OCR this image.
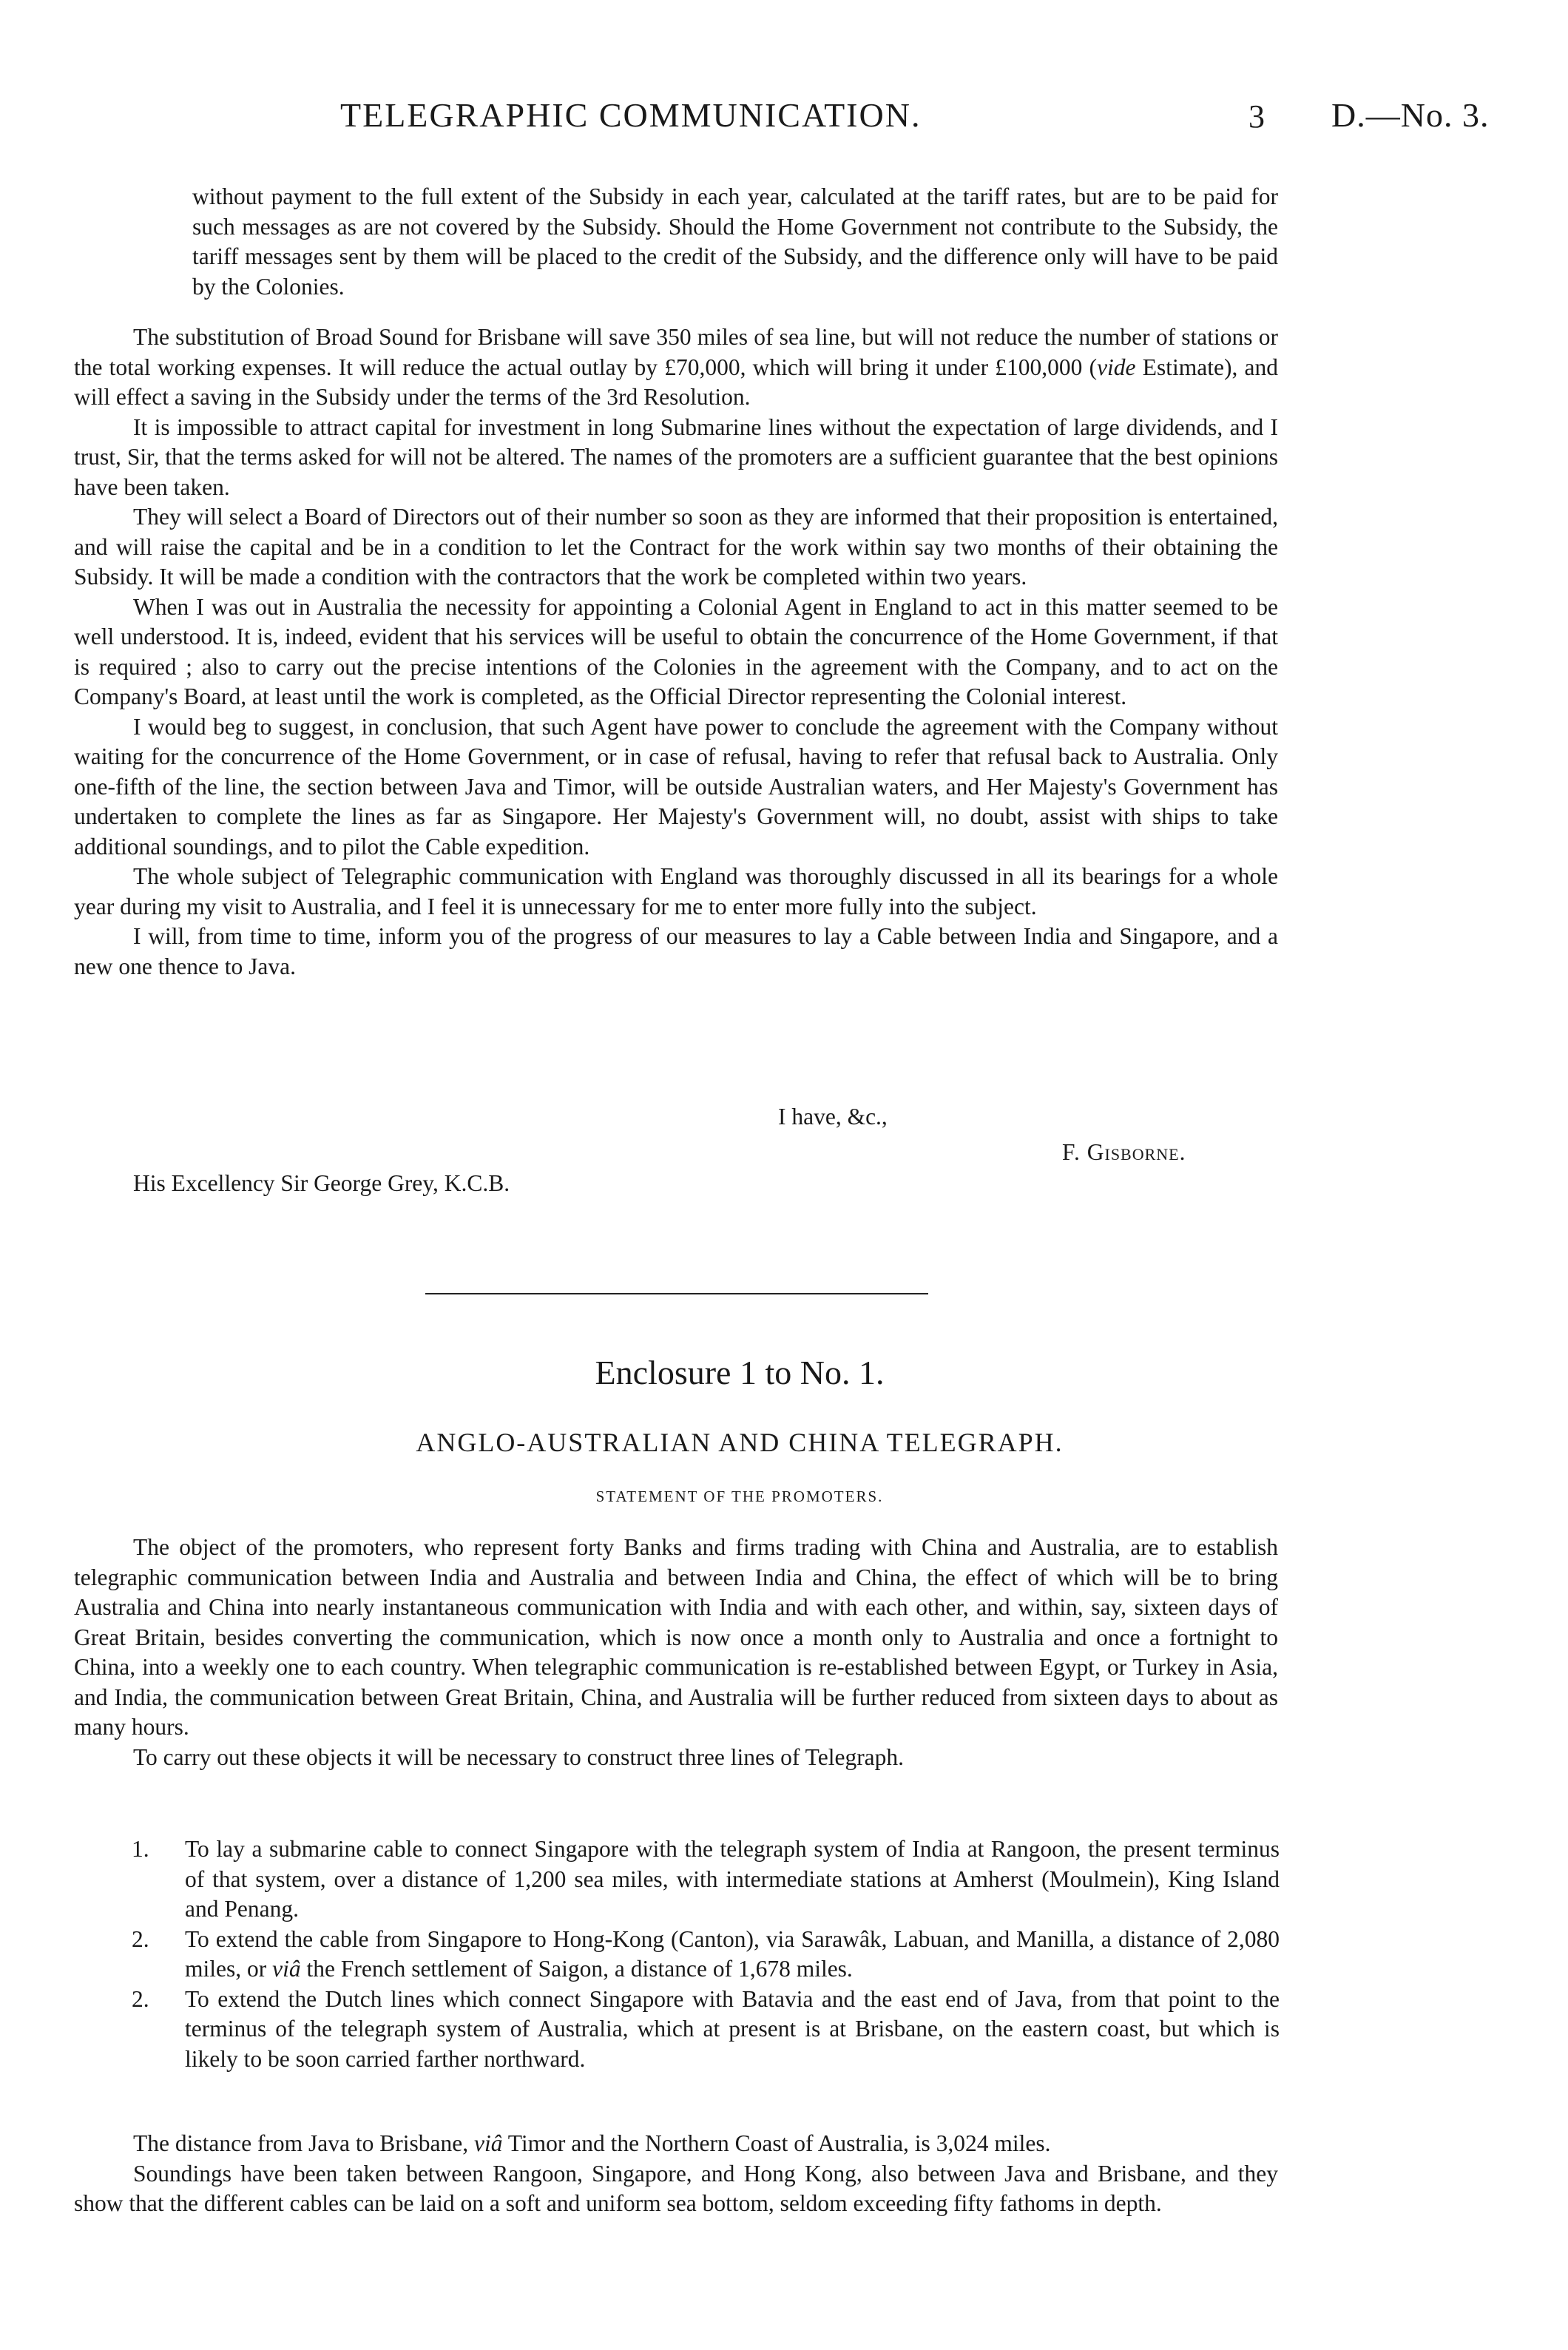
TELEGRAPHIC COMMUNICATION.	3 D.—No. 3.

without payment to the full extent of the Subsidy in each year, calculated at the tariff rates, but are to be paid for such messages as are not covered by the Subsidy. Should the Home Government not contribute to the Subsidy, the tariff messages sent by them will be placed to the credit of the Subsidy, and the difference only will have to be paid by the Colonies.

The substitution of Broad Sound for Brisbane will save 350 miles of sea line, but will not reduce the number of stations or the total working expenses. It will reduce the actual outlay by £70,000, which will bring it under £100,000 (vide Estimate), and will effect a saving in the Subsidy under the terms of the 3rd Resolution.

It is impossible to attract capital for investment in long Submarine lines without the expectation of large dividends, and I trust, Sir, that the terms asked for will not be altered. The names of the promoters are a sufficient guarantee that the best opinions have been taken.

They will select a Board of Directors out of their number so soon as they are informed that their proposition is entertained, and will raise the capital and be in a condition to let the Contract for the work within say two months of their obtaining the Subsidy. It will be made a condition with the contractors that the work be completed within two years.

When I was out in Australia the necessity for appointing a Colonial Agent in England to act in this matter seemed to be well understood. It is, indeed, evident that his services will be useful to obtain the concurrence of the Home Government, if that is required ; also to carry out the precise intentions of the Colonies in the agreement with the Company, and to act on the Company's Board, at least until the work is completed, as the Official Director representing the Colonial interest.

I would beg to suggest, in conclusion, that such Agent have power to conclude the agreement with the Company without waiting for the concurrence of the Home Government, or in case of refusal, having to refer that refusal back to Australia. Only one-fifth of the line, the section between Java and Timor, will be outside Australian waters, and Her Majesty's Government has undertaken to complete the lines as far as Singapore. Her Majesty's Government will, no doubt, assist with ships to take additional soundings, and to pilot the Cable expedition.

The whole subject of Telegraphic communication with England was thoroughly discussed in all its bearings for a whole year during my visit to Australia, and I feel it is unnecessary for me to enter more fully into the subject.

I will, from time to time, inform you of the progress of our measures to lay a Cable between India and Singapore, and a new one thence to Java.

I have, &c.,
F. Gisborne.
His Excellency Sir George Grey, K.C.B.
Enclosure 1 to No. 1.
ANGLO-AUSTRALIAN AND CHINA TELEGRAPH.
STATEMENT OF THE PROMOTERS.

The object of the promoters, who represent forty Banks and firms trading with China and Australia, are to establish telegraphic communication between India and Australia and between India and China, the effect of which will be to bring Australia and China into nearly instantaneous communication with India and with each other, and within, say, sixteen days of Great Britain, besides converting the communication, which is now once a month only to Australia and once a fortnight to China, into a weekly one to each country. When telegraphic communication is re-established between Egypt, or Turkey in Asia, and India, the communication between Great Britain, China, and Australia will be further reduced from sixteen days to about as many hours.

To carry out these objects it will be necessary to construct three lines of Telegraph.

1. To lay a submarine cable to connect Singapore with the telegraph system of India at Rangoon, the present terminus of that system, over a distance of 1,200 sea miles, with intermediate stations at Amherst (Moulmein), King Island and Penang.
2. To extend the cable from Singapore to Hong-Kong (Canton), via Sarawâk, Labuan, and Manilla, a distance of 2,080 miles, or viâ the French settlement of Saigon, a distance of 1,678 miles.
2. To extend the Dutch lines which connect Singapore with Batavia and the east end of Java, from that point to the terminus of the telegraph system of Australia, which at present is at Brisbane, on the eastern coast, but which is likely to be soon carried farther northward.

The distance from Java to Brisbane, viâ Timor and the Northern Coast of Australia, is 3,024 miles.

Soundings have been taken between Rangoon, Singapore, and Hong Kong, also between Java and Brisbane, and they show that the different cables can be laid on a soft and uniform sea bottom, seldom exceeding fifty fathoms in depth.
